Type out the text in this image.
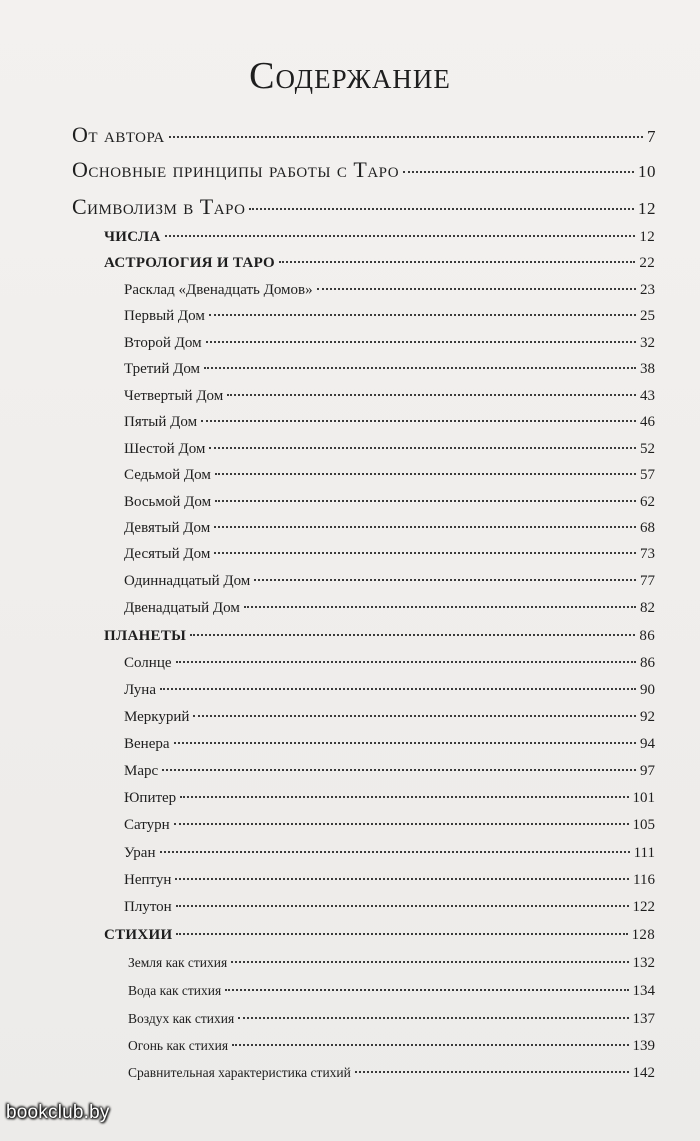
Содержание
От автора	7
Основные принципы работы с Таро	10
Символизм в Таро	12
ЧИСЛА	12
АСТРОЛОГИЯ И ТАРО	22
Расклад «Двенадцать Домов»	23
Первый Дом	25
Второй Дом	32
Третий Дом	38
Четвертый Дом	43
Пятый Дом	46
Шестой Дом	52
Седьмой Дом	57
Восьмой Дом	62
Девятый Дом	68
Десятый Дом	73
Одиннадцатый Дом	77
Двенадцатый Дом	82
ПЛАНЕТЫ	86
Солнце	86
Луна	90
Меркурий	92
Венера	94
Марс	97
Юпитер	101
Сатурн	105
Уран	111
Нептун	116
Плутон	122
СТИХИИ	128
Земля как стихия	132
Вода как стихия	134
Воздух как стихия	137
Огонь как стихия	139
Сравнительная характеристика стихий	142
bookclub.by
